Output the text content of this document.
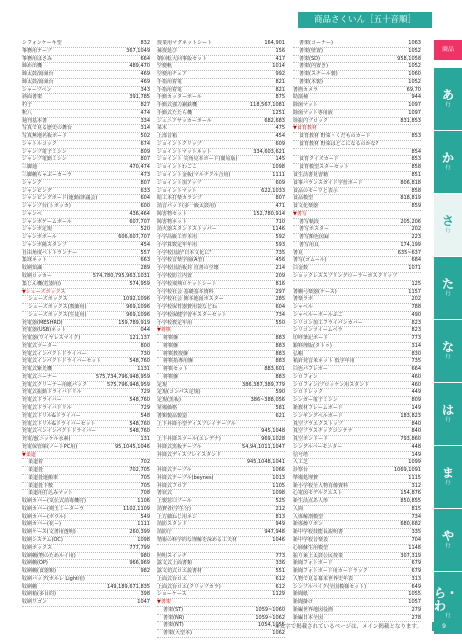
商品さくいん［五十音順］
シフォンケーキ型	832
事務用テープ	367,1049
事務用はさみ	664
締め出機	489,470
締太鼓/湯乗台	469
締太鼓/湯乗台	469
シャープペン	343
斜面書架	391,785
杓子	827
釈八	474
週刊基本書	334
写真で見る歴史の舞台	314
写真無地名板ボード	502
シャトルコック	674
ジャンプ電子ミシン	809
ジャンプ電動ミシン	807
三脚通	470,474
三脚棚ちゃぶーカーラ	473
シャンク	807
ジャンピング	633
ジャンピングボード(運動/評議会)	604
ジャンプ台(トボッカ)	600
ジャンベ	436,464
ジャンボゲームボール	607,707
ジャンボ定規	520
ジャンボボール	606,607,707
ジャンボ陽スタンプ	454
自由角度ペトトランナー	557
集球ネット	663
収納知識	289
収納ロッカー	574,780,795,963,1031
集じん機(危器用)	574,959
▼シューズボックス
シューズボックス	1092,1096
シューズボックス(教師用)	969,1096
シューズボックス(生徒用)	969,1096
充電器(MESHRD)	159,789,919
充電器(USB)ネット	044
充電器(ワイヤレスマイク)	121,137
充電式ツーター	800
充電式インパクトドライバー	730
充電式インパクトドライバーセット	548,760
充電式紫光機	1131
充電式ニーナー	575,734,796,948,959
充電式クリーナー用紙パック	575,796,948,959
充電式振動ドライバドリル	729
充電式ドライバー	548,760
充電式ドライバドリル	729
充電式ドリル&ドライバー	548
充電式ドリル&ドライバーセット	548,760
充電式ペンインパクトドライバー	548,760
充電池(ニッケル水素)	131
充電保管庫(ノートPC用)	95,1045,1046
▼柔道
柔道着	702
柔道畳	702,705
柔道畳運搬車	705
柔道畳下敷	705
柔道用打込みマット	708
収納カバー(気伝式消毒機付)	1106
収納カバー(剣玉ミーターラ	1102,1109
収納カバー(ボウル)	549
収納カバー(花ー)	1111
収納ケース(文書用透明)	260,399
収納システム(OC)	1098
収納ボックス	777,799
収納棚(物のためルイ用)	980
収納棚(OP)	966,969
収納棚(食器類)	982
収納バッグ(ポルレ Light用)
収納棚	149,189,671,835
収納箱(多目的)	398
収納ワゴン	1047
授業用マグネットシート	164,901
孫授延び	156
朝回転大回事版セット	417
空便帆	1014
空便用チェア	992
手指用着電	821
手指用着電	821
手動カッターポール	875
手動式強力銅鉄機	118,567,1081
手動式たたら機	1251
ジュニアサッカーボール	682,683
菜木	475
上部音箱	454
ジョイントクリップ	609
ジョイントマットネット	334,603,621
ジョイント 尖角見本ボード(簡易版)	145
ジョイントわごこ	1098
ジョイント金板(マルチクル合用)	1111
ジョイント加アップ	609
ジョイントマット	622,1033
暗工本打楽カラシプ	807
消音パッド(多一級太鼓用)	471
障害物セット	152,780,914
障害物ネット	710
消火器スタンドストッパー	1146
小学高級工作本用	592
小学算数定年年用	593
小学校国語"日本文化に"	735
小学校音楽学園(A型)	456
小学校国語板封 直書の空壊	214
小学校防立内置	209
小学校飛翔ロケットシート	816
小学校社会 基礎基本資料	297
小学校社会 開本地図ポスター	285
小学校保育器費用袋などね	604
小学校保健学習キスターセット	734
小学校教定年用	550
▼将棋
将棋盤	883
将棋盤	883
将棋教授盤	883
将棋指導用盤	883
将棋セット	883,601
将棋盤	883
定規	386,387,389,779
定規(コンパス定規)	590
定規(黒板)	386~388,056
常備価格	581
書類製品製造	621
上下昇降小型ディスプレイテーブル
945,1048
上下昇降スツール(エレデナ)	969,1028
昇降式黒板テーブル	54,94,1011,1047
昇降式ディスプレイスタンド
945,1048,1041
昇降式テーブル	1066
昇降式テーブル(beynes)	1013
昇降式フロア	1105
書状式	1098
上製窓口プール	525
消費者(学生分)	212
上方細ねじ用ネジ	813
消防スタンド	949
消防庁	947,948
情報の科学的な理解を深める工夫材	1046
照明スイッチ	773
露文式上面書類	336
露文切式ロエ説書材	551
上面式台ロエ	612
上面式台ロエ(クリップカラ)	612
ショーケース	1129
▼書架
書架(ST)	1059~1060
書架(NR)	1059~1062
書架(NT)	1054,1055
書架(大型本)	1062
書架(コーナー)	1063
書架(壁置)	1052
書架(SD)	958,1058
書架(内置き)	1052
書架(スチール製)	1060
書架(木製)	1052
書画カメラ	69,70
助演補	944
除菌マット	1097
除菌マット専用液	1097
徐振円ブロック	831,853
▼食育教材
食育教材 野菜・くだものカード	853
食育教材 野菜はどこになるのかな?
854
食育クイズカード	853
食育模型スターセット	858
食生活書見習籍	851
食事バランスガイド学習ボード	806,818
食品のモーワと表示	858
食品模型	818,819
食文化楽器	859
▼書写
書写軌段	205,206
書写ポスター	202
書写額色図録	223
書写用具	174,199
書見	635~637
書写(ゴムール)	684
白金数	1071
ショックレススプリングローラーポスクリップ
125
書棚弓楽器(ケース)	1157
書楽ラボ	202
シャベル	788
シャベルーボールぶご	490
シリコン加工フライパンカバー	823
シリコンツイームベラ	823
印呼筆記ボード	773
銀料理版(タトゥ)	314
弘帽	830
箱針発音米ネット 低学年用	735
白色パフレポー	664
シロフォン	460
シロフォン/ブロッケン用スタンド	460
シロドレック	449
シンガー電子ミシン	809
新教材フレームボード	149
シンギングベルボード	183,823
真空プラエクストップ	840
真空プラスチックコンテナ	840
真空ボンドード	793,860
シングルバーモニター	448
信号塔	149
人工芝	1099
診察台	1069,1091
準備処理費	1115
新小学校全人物肖像資料	312
心電図モデルクエスト	154,876
新生活点あ人形	850,855
人間	815
人体解剖模型	734
新体操リボン	680,682
新中学校技能長説明書	335
新中学校音楽表	704
心肺蘇生用模型	1148
振り乗上太鼓公民授業	307,319
新聞フォトボード	679
新聞フォトボード用カードラック	679
人物で見る幕末世界史年表	313
シンプルバイク(全国模様セット)	649
新聞紙	1055
新聞掛け	1057
新編世界地図役画	279
新編日本全図	278
商品
あ
行
か
行
さ
行
た
行
な
行
は
行
ま
行
や
行
ら・わ
行
※太字で掲載されているページは、メイン掲載となります。	9
